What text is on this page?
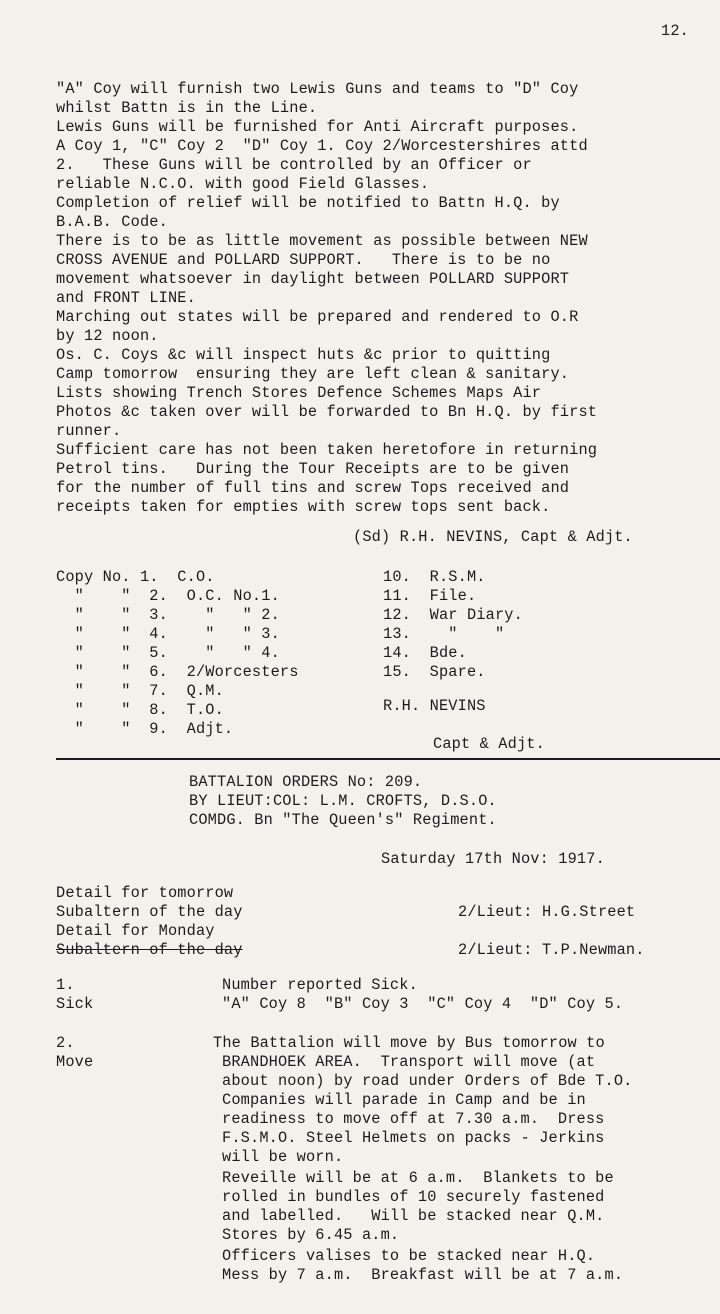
12.
"A" Coy will furnish two Lewis Guns and teams to "D" Coy
whilst Battn is in the Line.
Lewis Guns will be furnished for Anti Aircraft purposes.
A Coy 1, "C" Coy 2  "D" Coy 1. Coy 2/Worcestershires attd
2.   These Guns will be controlled by an Officer or
reliable N.C.O. with good Field Glasses.
Completion of relief will be notified to Battn H.Q. by
B.A.B. Code.
There is to be as little movement as possible between NEW
CROSS AVENUE and POLLARD SUPPORT.   There is to be no
movement whatsoever in daylight between POLLARD SUPPORT
and FRONT LINE.
Marching out states will be prepared and rendered to O.R
by 12 noon.
Os. C. Coys &c will inspect huts &c prior to quitting
Camp tomorrow  ensuring they are left clean & sanitary.
Lists showing Trench Stores Defence Schemes Maps Air
Photos &c taken over will be forwarded to Bn H.Q. by first
runner.
Sufficient care has not been taken heretofore in returning
Petrol tins.   During the Tour Receipts are to be given
for the number of full tins and screw Tops received and
receipts taken for empties with screw tops sent back.
(Sd) R.H. NEVINS, Capt & Adjt.
Copy No. 1.  C.O.
"    "  2.  O.C. No.1.
"    "  3.    "   " 2.
"    "  4.    "   " 3.
"    "  5.    "   " 4.
"    "  6.  2/Worcesters
"    "  7.  Q.M.
"    "  8.  T.O.
"    "  9.  Adjt.
10.  R.S.M.
11.  File.
12.  War Diary.
13.    "    "
14.  Bde.
15.  Spare.
R.H. NEVINS
Capt & Adjt.
BATTALION ORDERS No: 209.
BY LIEUT:COL: L.M. CROFTS, D.S.O.
COMDG. Bn "The Queen's" Regiment.
Saturday 17th Nov: 1917.
Detail for tomorrow
Subaltern of the day	2/Lieut: H.G.Street
Detail for Monday
Subaltern of the day	2/Lieut: T.P.Newman.
1.
Sick
Number reported Sick.
"A" Coy 8  "B" Coy 3  "C" Coy 4  "D" Coy 5.
2.
Move
The Battalion will move by Bus tomorrow to
BRANDHOEK AREA.  Transport will move (at
about noon) by road under Orders of Bde T.O.
Companies will parade in Camp and be in
readiness to move off at 7.30 a.m.  Dress
F.S.M.O. Steel Helmets on packs - Jerkins
will be worn.
Reveille will be at 6 a.m.  Blankets to be
rolled in bundles of 10 securely fastened
and labelled.   Will be stacked near Q.M.
Stores by 6.45 a.m.
Officers valises to be stacked near H.Q.
Mess by 7 a.m.  Breakfast will be at 7 a.m.
